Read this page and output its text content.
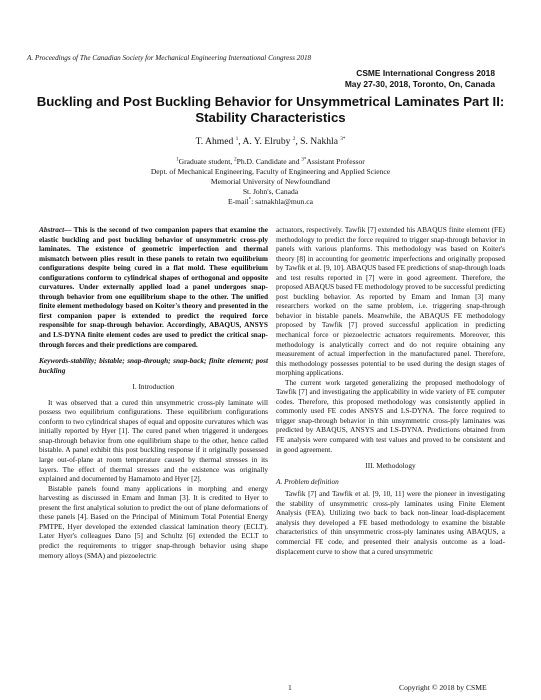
A. Proceedings of The Canadian Society for Mechanical Engineering International Congress 2018
CSME International Congress 2018
May 27-30, 2018, Toronto, On, Canada
Buckling and Post Buckling Behavior for Unsymmetrical Laminates Part II: Stability Characteristics
T. Ahmed $^1$, A. Y. Elruby $^2$, S. Nakhla $^{3*}$
$^1$Graduate student, $^2$Ph.D. Candidate and $^{3*}$Assistant Professor
Dept. of Mechanical Engineering, Faculty of Engineering and Applied Science
Memorial University of Newfoundland
St. John's, Canada
E-mail*: satnakhla@mun.ca

Abstract— This is the second of two companion papers that examine the elastic buckling and post buckling behavior of unsymmetric cross-ply laminates. The existence of geometric imperfection and thermal mismatch between plies result in these panels to retain two equilibrium configurations despite being cured in a flat mold. These equilibrium configurations conform to cylindrical shapes of orthogonal and opposite curvatures. Under externally applied load a panel undergoes snap-through behavior from one equilibrium shape to the other. The unified finite element methodology based on Koiter's theory and presented in the first companion paper is extended to predict the required force responsible for snap-through behavior. Accordingly, ABAQUS, ANSYS and LS-DYNA finite element codes are used to predict the critical snap-through forces and their predictions are compared.

Keywords-stability; bistable; snap-through; snap-back; finite element; post buckling

I. Introduction

It was observed that a cured thin unsymmetric cross-ply laminate will possess two equilibrium configurations. These equilibrium configurations conform to two cylindrical shapes of equal and opposite curvatures which was initially reported by Hyer [1]. The cured panel when triggered it undergoes snap-through behavior from one equilibrium shape to the other, hence called bistable. A panel exhibit this post buckling response if it originally possessed large out-of-plane at room temperature caused by thermal stresses in its layers. The effect of thermal stresses and the existence was originally explained and documented by Hamamoto and Hyer [2].

Bistable panels found many applications in morphing and energy harvesting as discussed in Emam and Inman [3]. It is credited to Hyer to present the first analytical solution to predict the out of plane deformations of these panels [4]. Based on the Principal of Minimum Total Potential Energy PMTPE, Hyer developed the extended classical lamination theory (ECLT). Later Hyer's colleagues Dano [5] and Schultz [6] extended the ECLT to predict the requirements to trigger snap-through behavior using shape memory alloys (SMA) and piezoelectric

actuators, respectively. Tawfik [7] extended his ABAQUS finite element (FE) methodology to predict the force required to trigger snap-through behavior in panels with various planforms. This methodology was based on Koiter's theory [8] in accounting for geometric imperfections and originally proposed by Tawfik et al. [9, 10]. ABAQUS based FE predictions of snap-through loads and test results reported in [7] were in good agreement. Therefore, the proposed ABAQUS based FE methodology proved to be successful predicting post buckling behavior. As reported by Emam and Inman [3] many researchers worked on the same problem, i.e. triggering snap-through behavior in bistable panels. Meanwhile, the ABAQUS FE methodology proposed by Tawfik [7] proved successful application in predicting mechanical force or piezoelectric actuators requirements. Moreover, this methodology is analytically correct and do not require obtaining any measurement of actual imperfection in the manufactured panel. Therefore, this methodology possesses potential to be used during the design stages of morphing applications.

The current work targeted generalizing the proposed methodology of Tawfik [7] and investigating the applicability in wide variety of FE computer codes. Therefore, this proposed methodology was consistently applied in commonly used FE codes ANSYS and LS-DYNA. The force required to trigger snap-through behavior in thin unsymmetric cross-ply laminates was predicted by ABAQUS, ANSYS and LS-DYNA. Predictions obtained from FE analysis were compared with test values and proved to be consistent and in good agreement.

III. Methodology

A. Problem definition

Tawfik [7] and Tawfik et al. [9, 10, 11] were the pioneer in investigating the stability of unsymmetric cross-ply laminates using Finite Element Analysis (FEA). Utilizing two back to back non-linear load-displacement analysis they developed a FE based methodology to examine the bistable characteristics of thin unsymmetric cross-ply laminates using ABAQUS, a commercial FE code, and presented their analysis outcome as a load-displacement curve to show that a cured unsymmetric

1	Copyright © 2018 by CSME
